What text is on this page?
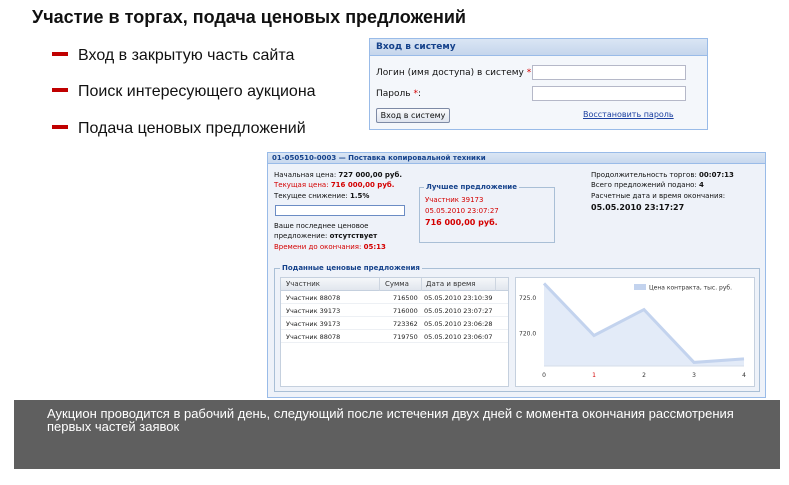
Участие в торгах, подача ценовых предложений
Вход в закрытую часть сайта
Поиск интересующего аукциона
Подача ценовых предложений
Вход в систему
Логин (имя доступа) в систему *
Пароль *:
Вход в систему	Восстановить пароль
01-050510-0003 — Поставка копировальной техники
Начальная цена: 727 000,00 руб.
Текущая цена: 716 000,00 руб.
Текущее снижение: 1.5%
Ваше последнее ценовое
предложение: отсутствует
Времени до окончания: 05:13
Лучшее предложение
Участник 39173
05.05.2010 23:07:27
716 000,00 руб.
Продолжительность торгов: 00:07:13
Всего предложений подано: 4
Расчетные дата и время окончания:
05.05.2010 23:17:27
Поданные ценовые предложения
Участник	Сумма Дата и время
Участник 88078	716500 05.05.2010 23:10:39
Участник 39173	716000 05.05.2010 23:07:27
Участник 39173	723362 05.05.2010 23:06:28
Участник 88078	719750 05.05.2010 23:06:07
725.0
720.0
0	1	2	3	4
Цена контракта, тыс. руб.
Аукцион проводится в рабочий день, следующий после истечения двух дней с момента окончания рассмотрения первых частей заявок
